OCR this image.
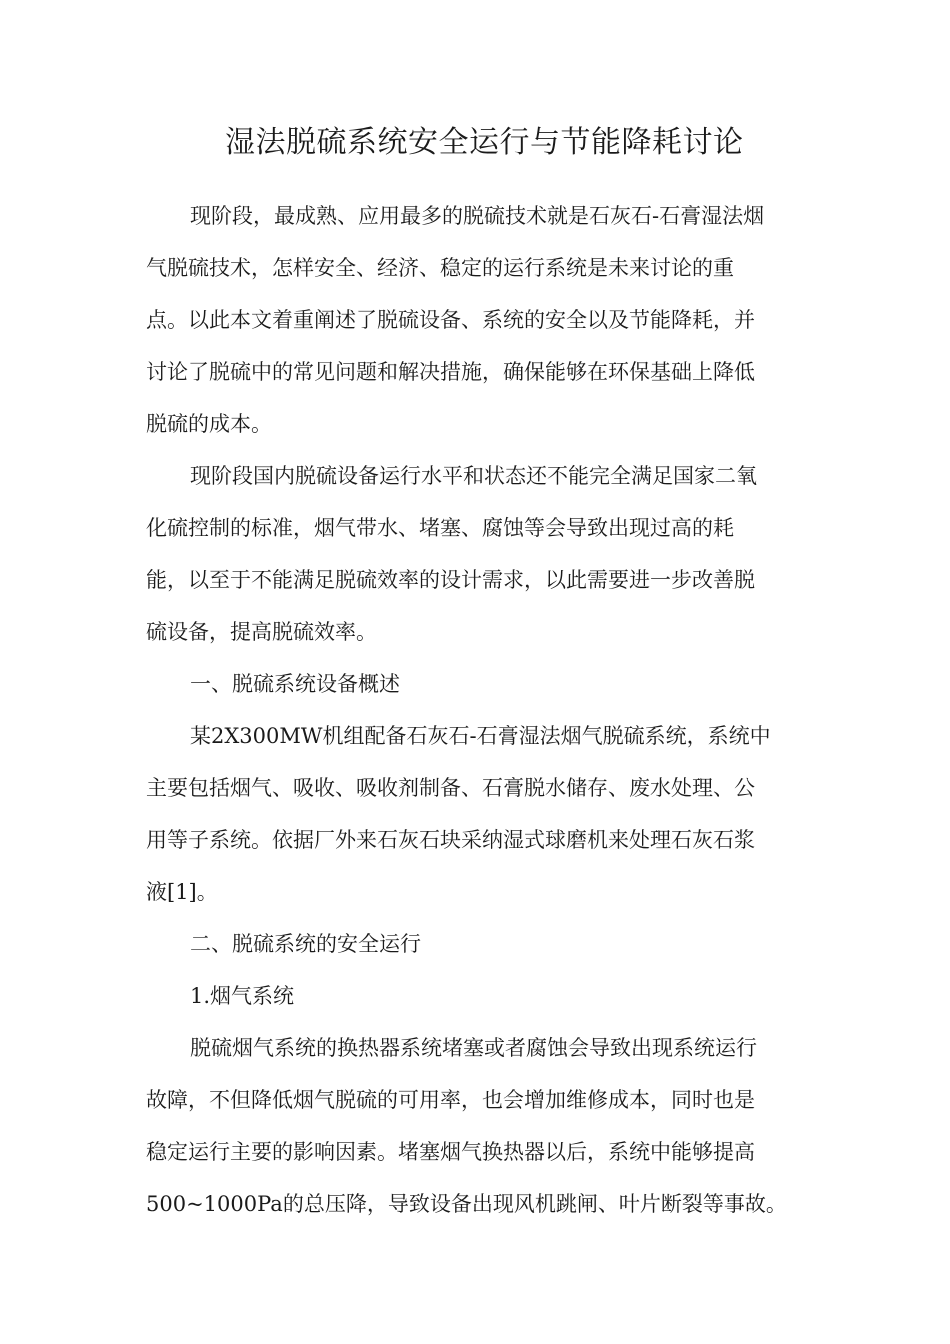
湿法脱硫系统安全运行与节能降耗讨论
现阶段，最成熟、应用最多的脱硫技术就是石灰石-石膏湿法烟
气脱硫技术，怎样安全、经济、稳定的运行系统是未来讨论的重
点。以此本文着重阐述了脱硫设备、系统的安全以及节能降耗，并
讨论了脱硫中的常见问题和解决措施，确保能够在环保基础上降低
脱硫的成本。
现阶段国内脱硫设备运行水平和状态还不能完全满足国家二氧
化硫控制的标准，烟气带水、堵塞、腐蚀等会导致出现过高的耗
能，以至于不能满足脱硫效率的设计需求，以此需要进一步改善脱
硫设备，提高脱硫效率。
一、脱硫系统设备概述
某2X300MW机组配备石灰石-石膏湿法烟气脱硫系统，系统中
主要包括烟气、吸收、吸收剂制备、石膏脱水储存、废水处理、公
用等子系统。依据厂外来石灰石块采纳湿式球磨机来处理石灰石浆
液[1]。
二、脱硫系统的安全运行
1.烟气系统
脱硫烟气系统的换热器系统堵塞或者腐蚀会导致出现系统运行
故障，不但降低烟气脱硫的可用率，也会增加维修成本，同时也是
稳定运行主要的影响因素。堵塞烟气换热器以后，系统中能够提高
500~1000Pa的总压降，导致设备出现风机跳闸、叶片断裂等事故。
